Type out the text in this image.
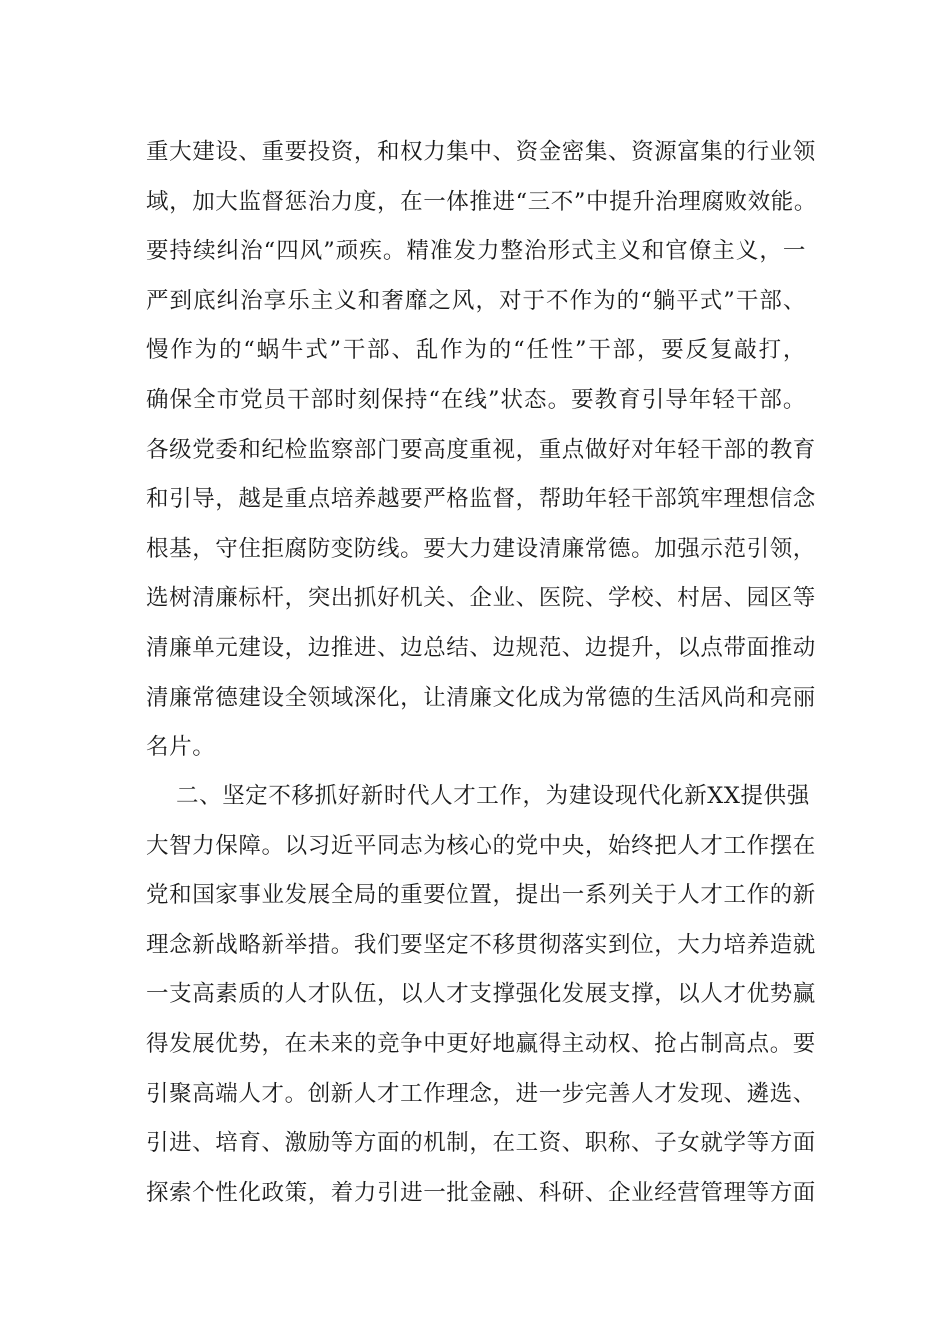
重大建设、重要投资，和权力集中、资金密集、资源富集的行业领
域，加大监督惩治力度，在一体推进“三不”中提升治理腐败效能。
要持续纠治“四风”顽疾。精准发力整治形式主义和官僚主义，一
严到底纠治享乐主义和奢靡之风，对于不作为的“躺平式”干部、
慢作为的“蜗牛式”干部、乱作为的“任性”干部，要反复敲打，
确保全市党员干部时刻保持“在线”状态。要教育引导年轻干部。
各级党委和纪检监察部门要高度重视，重点做好对年轻干部的教育
和引导，越是重点培养越要严格监督，帮助年轻干部筑牢理想信念
根基，守住拒腐防变防线。要大力建设清廉常德。加强示范引领，
选树清廉标杆，突出抓好机关、企业、医院、学校、村居、园区等
清廉单元建设，边推进、边总结、边规范、边提升，以点带面推动
清廉常德建设全领域深化，让清廉文化成为常德的生活风尚和亮丽
名片。
二、坚定不移抓好新时代人才工作，为建设现代化新XX提供强
大智力保障。以习近平同志为核心的党中央，始终把人才工作摆在
党和国家事业发展全局的重要位置，提出一系列关于人才工作的新
理念新战略新举措。我们要坚定不移贯彻落实到位，大力培养造就
一支高素质的人才队伍，以人才支撑强化发展支撑，以人才优势赢
得发展优势，在未来的竞争中更好地赢得主动权、抢占制高点。要
引聚高端人才。创新人才工作理念，进一步完善人才发现、遴选、
引进、培育、激励等方面的机制，在工资、职称、子女就学等方面
探索个性化政策，着力引进一批金融、科研、企业经营管理等方面
